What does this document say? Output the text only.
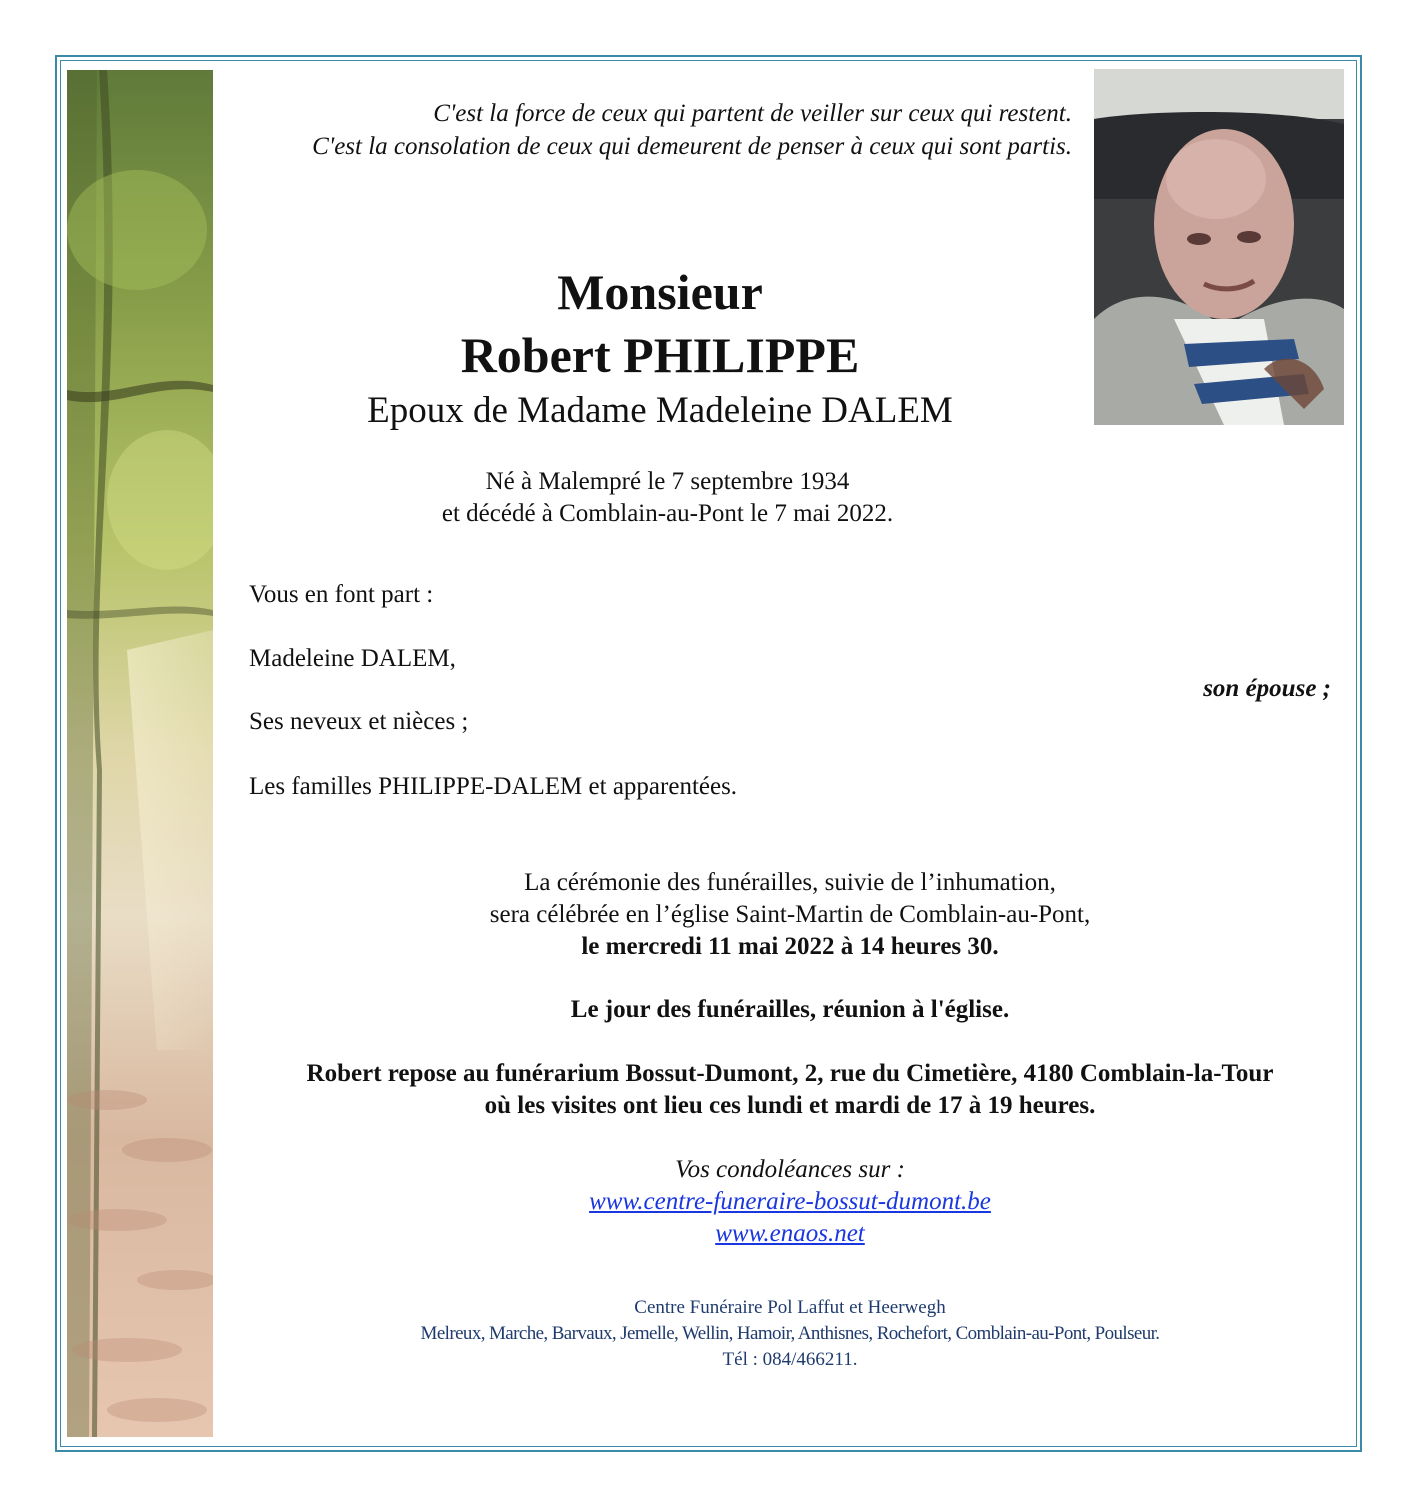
C'est la force de ceux qui partent de veiller sur ceux qui restent.
C'est la consolation de ceux qui demeurent de penser à ceux qui sont partis.
Monsieur
Robert PHILIPPE
Epoux de Madame Madeleine DALEM
Né à Malempré le 7 septembre 1934
et décédé à Comblain-au-Pont le 7 mai 2022.
Vous en font part :
Madeleine DALEM,
son épouse ;
Ses neveux et nièces ;
Les familles PHILIPPE-DALEM et apparentées.
La cérémonie des funérailles, suivie de l’inhumation,
sera célébrée en l’église Saint-Martin de Comblain-au-Pont,
le mercredi 11 mai 2022 à 14 heures 30.
Le jour des funérailles, réunion à l'église.
Robert repose au funérarium Bossut-Dumont, 2, rue du Cimetière, 4180 Comblain-la-Tour
où les visites ont lieu ces lundi et mardi de 17 à 19 heures.
Vos condoléances sur :
www.centre-funeraire-bossut-dumont.be
www.enaos.net
Centre Funéraire Pol Laffut et Heerwegh
Melreux, Marche, Barvaux, Jemelle, Wellin, Hamoir, Anthisnes, Rochefort, Comblain-au-Pont, Poulseur.
Tél : 084/466211.
